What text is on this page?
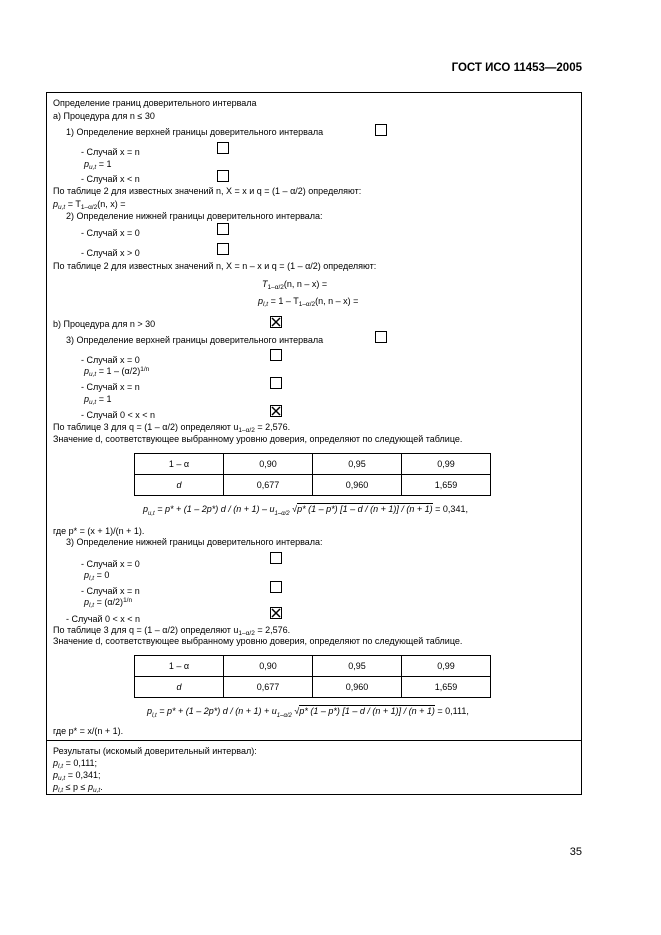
ГОСТ ИСО 11453—2005
Определение границ доверительного интервала
а) Процедура для n ≤ 30
1) Определение верхней границы доверительного интервала
- Случай x = n
$p_{u,t} = 1$
- Случай x < n
По таблице 2 для известных значений n, X = x и q = (1 – α/2) определяют:
$p_{u,t} = T_{1-\alpha/2}(n$, x) =
2) Определение нижней границы доверительного интервала:
- Случай x = 0
- Случай x > 0
По таблице 2 для известных значений n, X = n – x и q = (1 – α/2) определяют:
$T_{1-\alpha/2}(n$, n – x) =
$p_{l,t} = 1 - T_{1-\alpha/2}(n$, n – x) =
b) Процедура для n > 30
3) Определение верхней границы доверительного интервала
- Случай x = 0
$p_{u,t} = 1 - (\alpha/2)^{1/n}$
- Случай x = n
$p_{u,t} = 1$
- Случай 0 < x < n
По таблице 3 для q = (1 – α/2) определяют $u_{1-\alpha/2} = 2,576$.
Значение d, соответствующее выбранному уровню доверия, определяют по следующей таблице.
1 – α	0,90	0,95	0,99
d	0,677	0,960	1,659
$p_{u,t} = p* + (1 - 2p*)$ $d / (n + 1) - u_{1-\alpha/2}$ √p* (1 – p*) [1 – d / (n + 1)] / (n + 1) = 0,341,
где p* = (x + 1)/(n + 1).
3) Определение нижней границы доверительного интервала:
- Случай x = 0
$p_{l,t} = 0$
- Случай x = n
$p_{l,t} = (\alpha/2)^{1/n}$
- Случай 0 < x < n
По таблице 3 для q = (1 – α/2) определяют $u_{1-\alpha/2} = 2,576$.
Значение d, соответствующее выбранному уровню доверия, определяют по следующей таблице.
1 – α	0,90	0,95	0,99
d	0,677	0,960	1,659
$p_{l,t} = p* + (1 - 2p*)$ $d / (n + 1) + u_{1-\alpha/2}$ √p* (1 – p*) [1 – d / (n + 1)] / (n + 1) = 0,111,
где p* = x/(n + 1).
Результаты (искомый доверительный интервал):
$p_{l,t} = 0,111$;
$p_{u,t} = 0,341$;
$p_{l,t} \le p \le p_{u,t}$.
35
